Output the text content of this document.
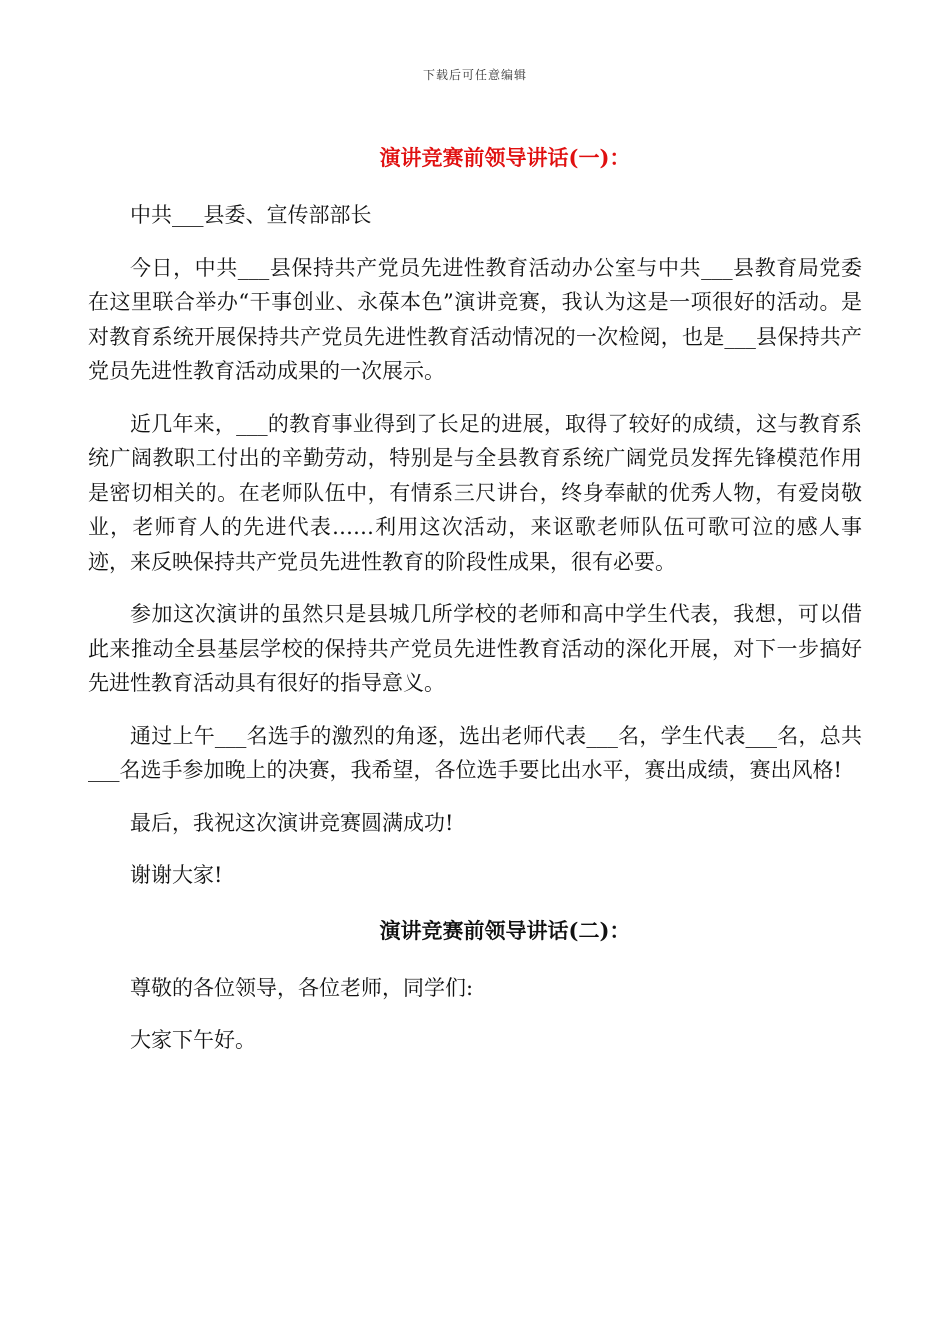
下载后可任意编辑
演讲竞赛前领导讲话(一)：

中共___县委、宣传部部长

今日，中共___县保持共产党员先进性教育活动办公室与中共___县教育局党委在这里联合举办“干事创业、永葆本色”演讲竞赛，我认为这是一项很好的活动。是对教育系统开展保持共产党员先进性教育活动情况的一次检阅，也是___县保持共产党员先进性教育活动成果的一次展示。

近几年来，___的教育事业得到了长足的进展，取得了较好的成绩，这与教育系统广阔教职工付出的辛勤劳动，特别是与全县教育系统广阔党员发挥先锋模范作用是密切相关的。在老师队伍中，有情系三尺讲台，终身奉献的优秀人物，有爱岗敬业，老师育人的先进代表……利用这次活动，来讴歌老师队伍可歌可泣的感人事迹，来反映保持共产党员先进性教育的阶段性成果，很有必要。

参加这次演讲的虽然只是县城几所学校的老师和高中学生代表，我想，可以借此来推动全县基层学校的保持共产党员先进性教育活动的深化开展，对下一步搞好先进性教育活动具有很好的指导意义。

通过上午___名选手的激烈的角逐，选出老师代表___名，学生代表___名，总共___名选手参加晚上的决赛，我希望，各位选手要比出水平，赛出成绩，赛出风格!

最后，我祝这次演讲竞赛圆满成功!

谢谢大家!

演讲竞赛前领导讲话(二)：

尊敬的各位领导，各位老师，同学们:

大家下午好。
